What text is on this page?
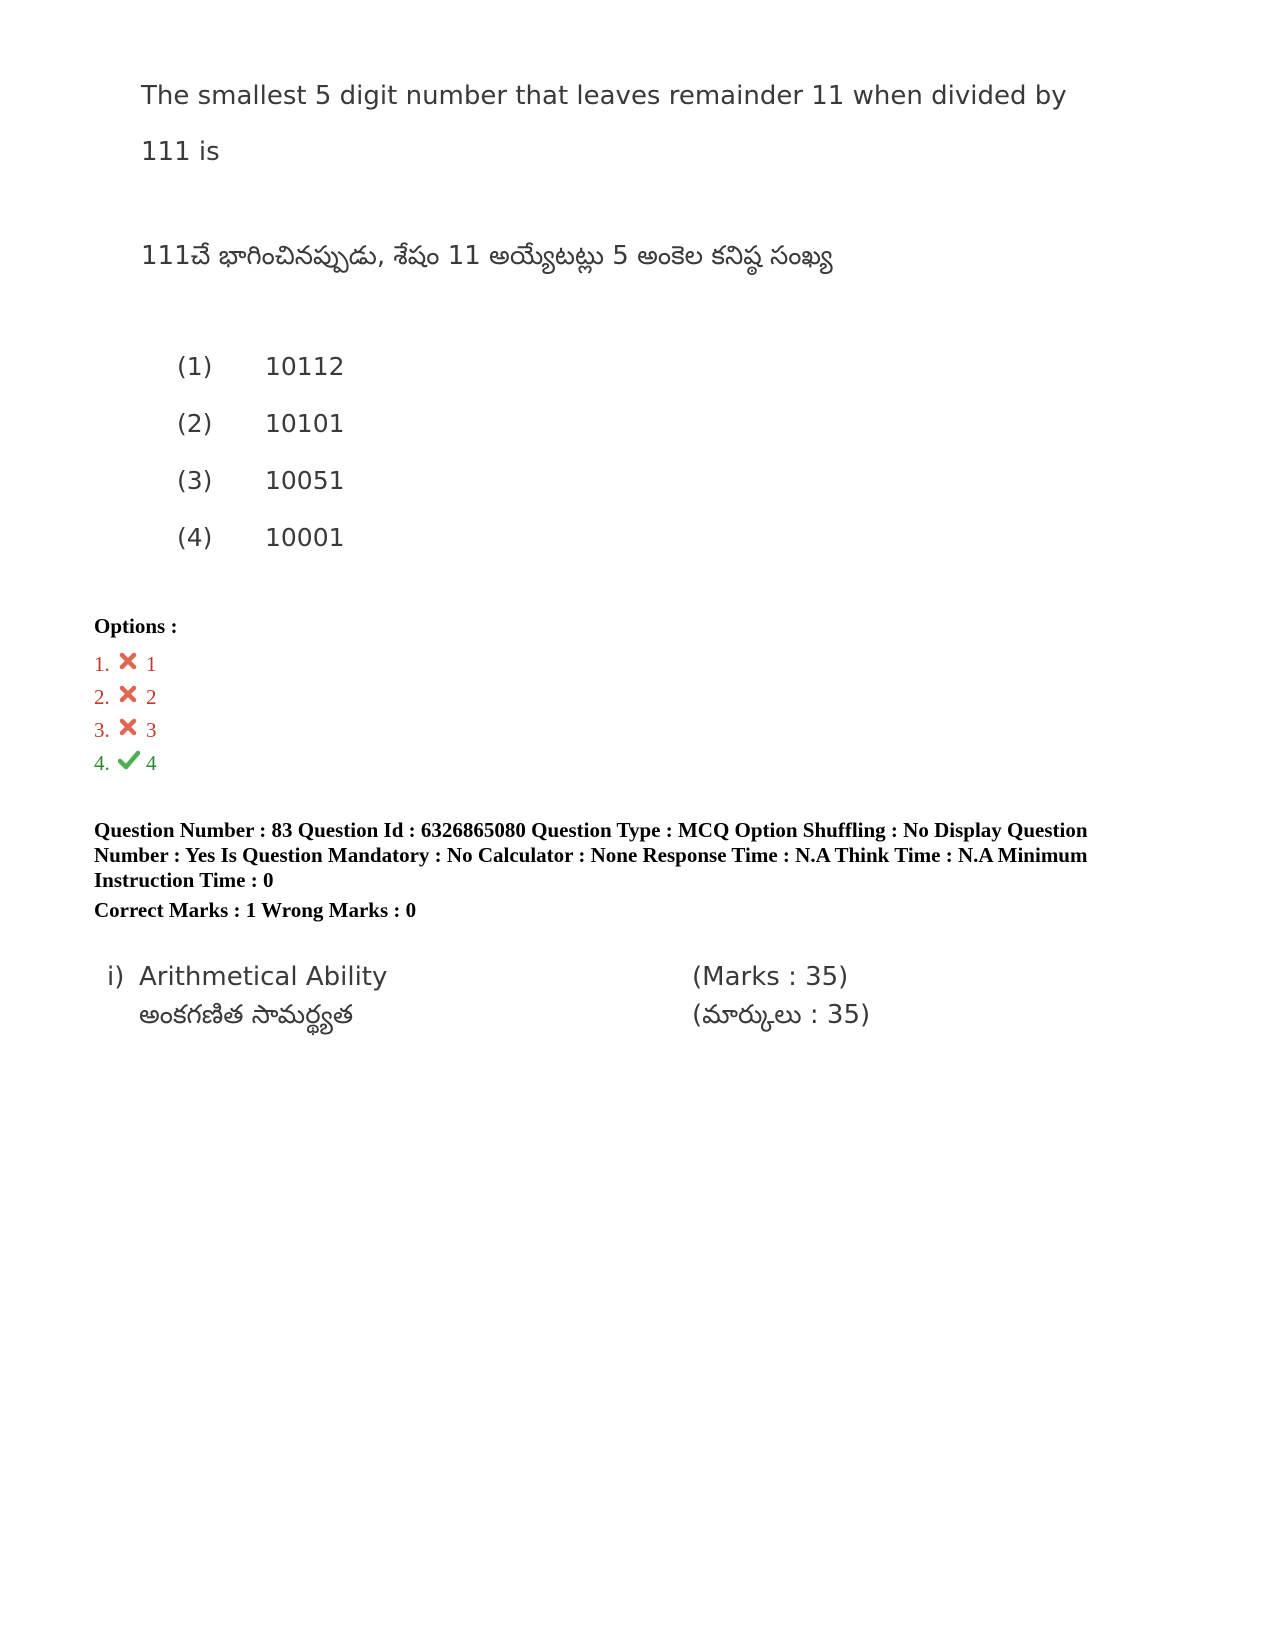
The smallest 5 digit number that leaves remainder 11 when divided by 111 is
111చే భాగించినప్పుడు, శేషం 11 అయ్యేటట్లు 5 అంకెల కనిష్ఠ సంఖ్య
(1)	10112
(2)	10101
(3)	10051
(4)	10001
Options :
1.	1
2.	2
3.	3
4.	4
Question Number : 83 Question Id : 6326865080 Question Type : MCQ Option Shuffling : No Display Question
Number : Yes Is Question Mandatory : No Calculator : None Response Time : N.A Think Time : N.A Minimum
Instruction Time : 0
Correct Marks : 1 Wrong Marks : 0
i) Arithmetical Ability	(Marks : 35)
అంకగణిత సామర్థ్యత	(మార్కులు : 35)
